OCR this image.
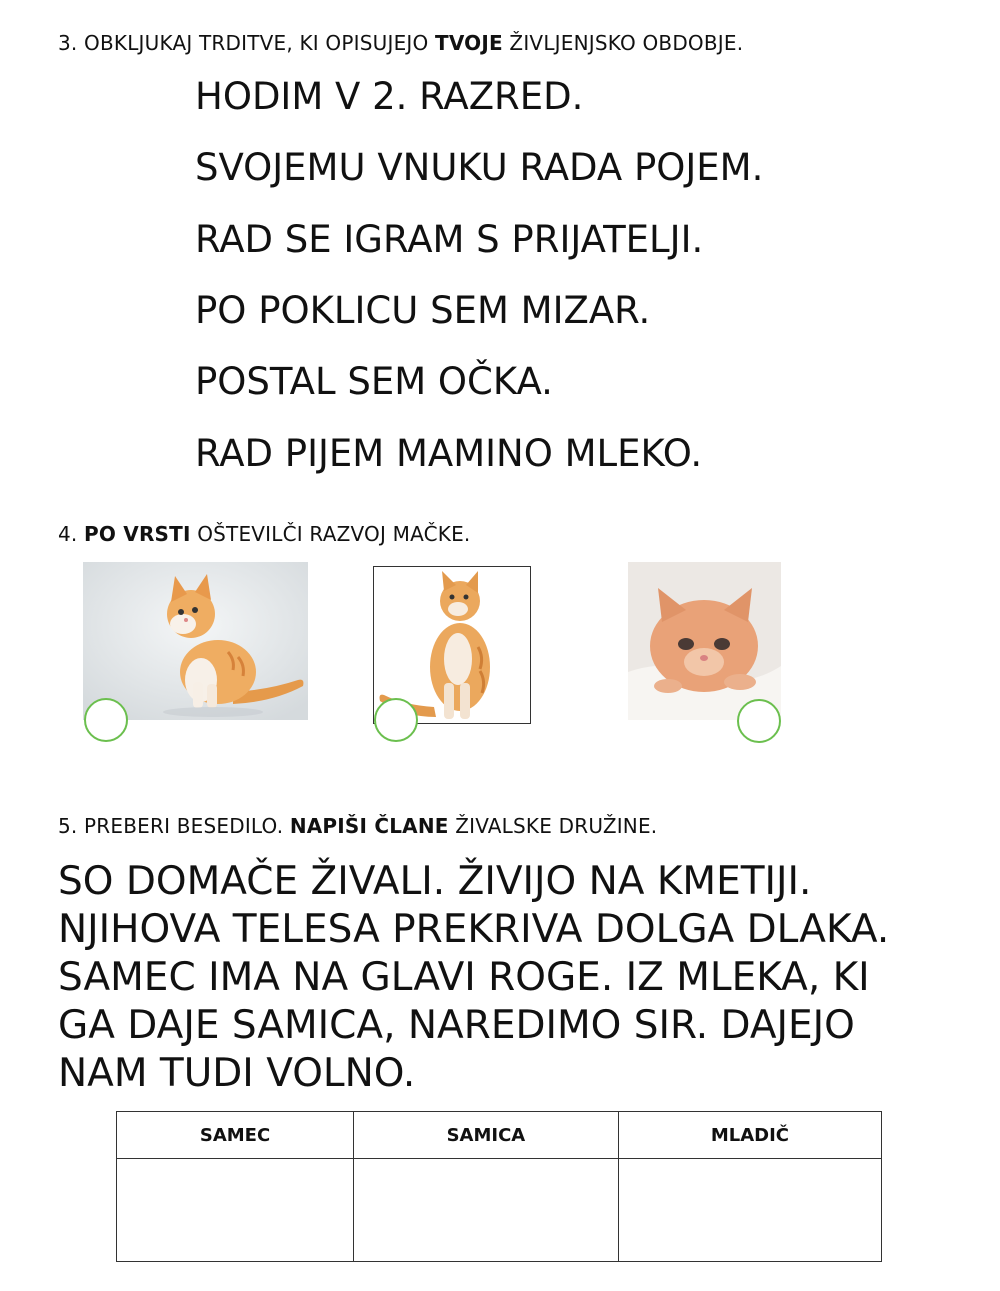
3. OBKLJUKAJ TRDITVE, KI OPISUJEJO TVOJE ŽIVLJENJSKO OBDOBJE.
HODIM V 2. RAZRED.
SVOJEMU VNUKU RADA POJEM.
RAD SE IGRAM S PRIJATELJI.
PO POKLICU SEM MIZAR.
POSTAL SEM OČKA.
RAD PIJEM MAMINO MLEKO.
4. PO VRSTI OŠTEVILČI RAZVOJ MAČKE.
5. PREBERI BESEDILO. NAPIŠI ČLANE ŽIVALSKE DRUŽINE.
SO DOMAČE ŽIVALI. ŽIVIJO NA KMETIJI.
NJIHOVA TELESA PREKRIVA DOLGA DLAKA.
SAMEC IMA NA GLAVI ROGE. IZ MLEKA, KI
GA DAJE SAMICA, NAREDIMO SIR. DAJEJO
NAM TUDI VOLNO.
SAMEC	SAMICA	MLADIČ
